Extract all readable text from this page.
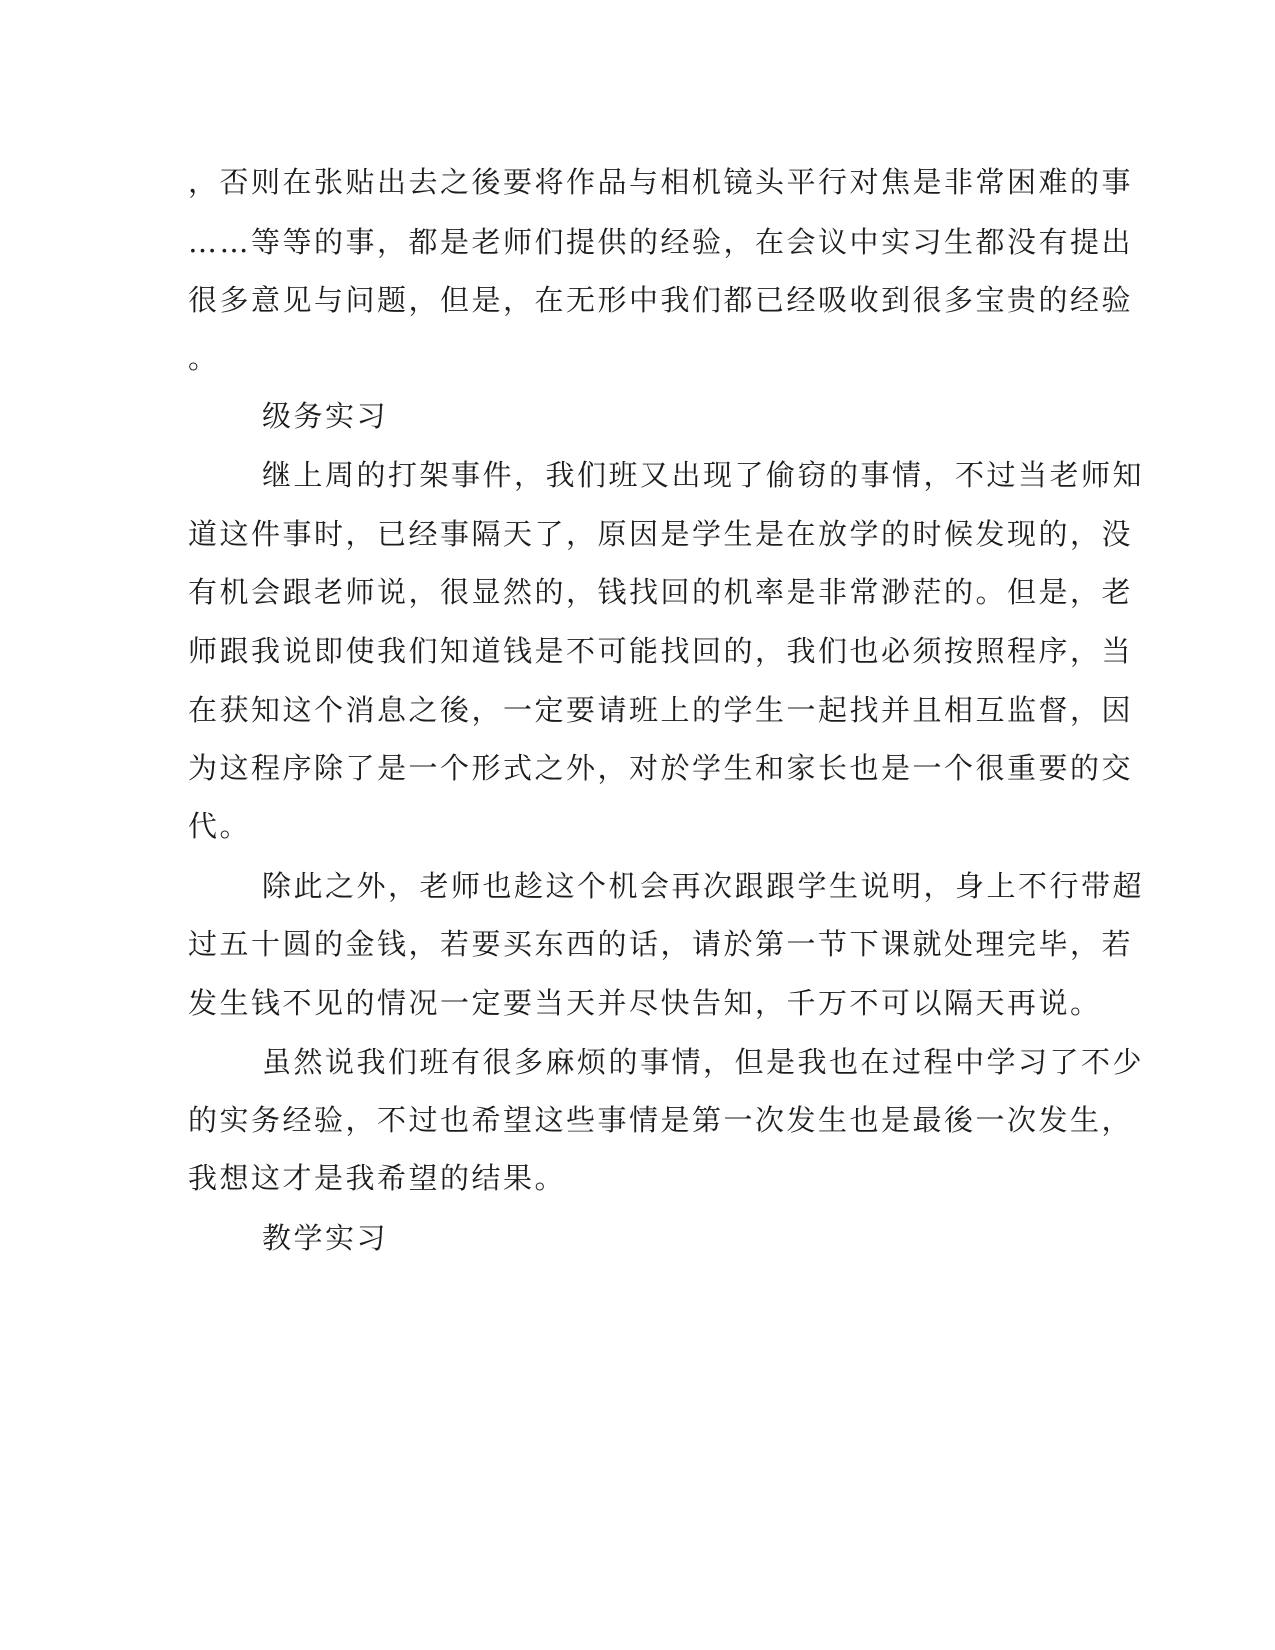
，否则在张贴出去之後要将作品与相机镜头平行对焦是非常困难的事
……等等的事，都是老师们提供的经验，在会议中实习生都没有提出
很多意见与问题，但是，在无形中我们都已经吸收到很多宝贵的经验
。
级务实习
继上周的打架事件，我们班又出现了偷窃的事情，不过当老师知
道这件事时，已经事隔天了，原因是学生是在放学的时候发现的，没
有机会跟老师说，很显然的，钱找回的机率是非常渺茫的。但是，老
师跟我说即使我们知道钱是不可能找回的，我们也必须按照程序，当
在获知这个消息之後，一定要请班上的学生一起找并且相互监督，因
为这程序除了是一个形式之外，对於学生和家长也是一个很重要的交
代。
除此之外，老师也趁这个机会再次跟跟学生说明，身上不行带超
过五十圆的金钱，若要买东西的话，请於第一节下课就处理完毕，若
发生钱不见的情况一定要当天并尽快告知，千万不可以隔天再说。
虽然说我们班有很多麻烦的事情，但是我也在过程中学习了不少
的实务经验，不过也希望这些事情是第一次发生也是最後一次发生，
我想这才是我希望的结果。
教学实习
